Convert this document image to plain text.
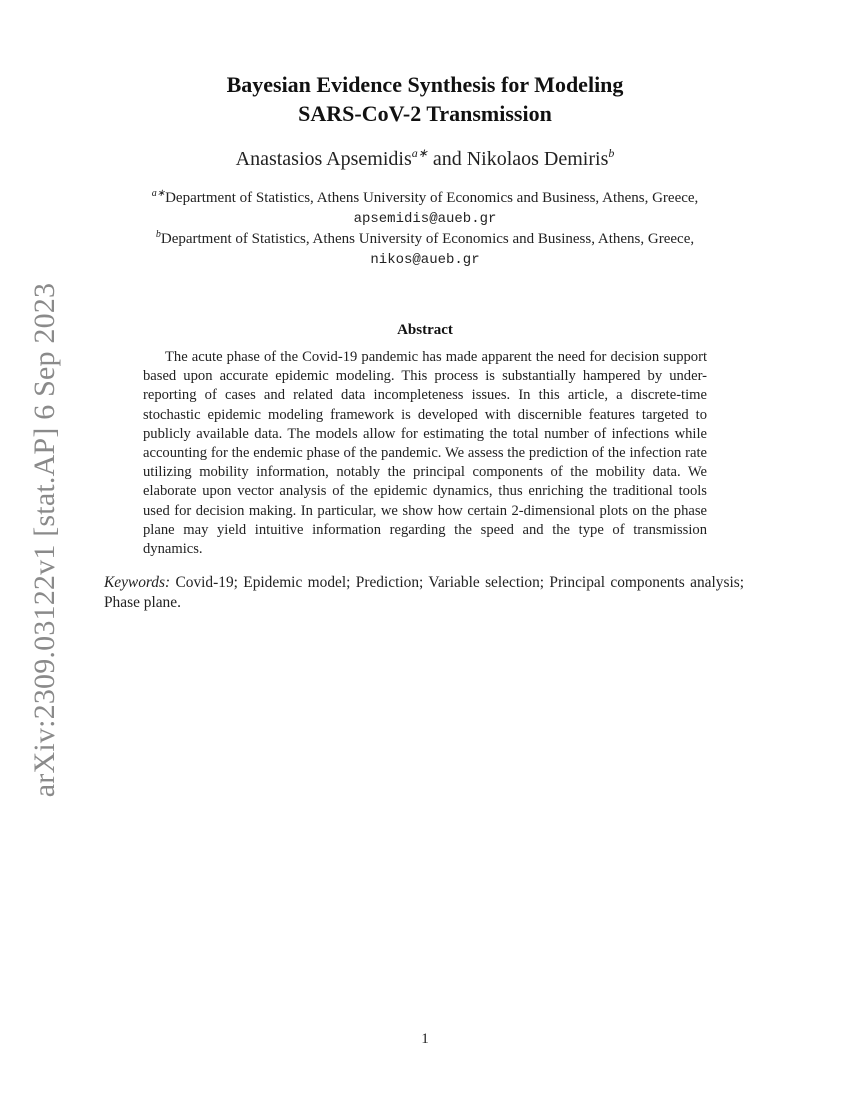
arXiv:2309.03122v1 [stat.AP] 6 Sep 2023
Bayesian Evidence Synthesis for Modeling
SARS-CoV-2 Transmission
Anastasios Apsemidis$^{a∗}$ and Nikolaos Demiris$^b$
$^{a∗}$Department of Statistics, Athens University of Economics and Business, Athens, Greece, apsemidis@aueb.gr
$^b$Department of Statistics, Athens University of Economics and Business, Athens, Greece, nikos@aueb.gr
Abstract

The acute phase of the Covid-19 pandemic has made apparent the need for decision support based upon accurate epidemic modeling. This process is substantially hampered by under-reporting of cases and related data incompleteness issues. In this article, a discrete-time stochastic epidemic modeling framework is developed with discernible features targeted to publicly available data. The models allow for estimating the total number of infections while accounting for the endemic phase of the pandemic. We assess the prediction of the infection rate utilizing mobility information, notably the principal components of the mobility data. We elaborate upon vector analysis of the epidemic dynamics, thus enriching the traditional tools used for decision making. In particular, we show how certain 2-dimensional plots on the phase plane may yield intuitive information regarding the speed and the type of transmission dynamics.

Keywords: Covid-19; Epidemic model; Prediction; Variable selection; Principal components analysis; Phase plane.

1
